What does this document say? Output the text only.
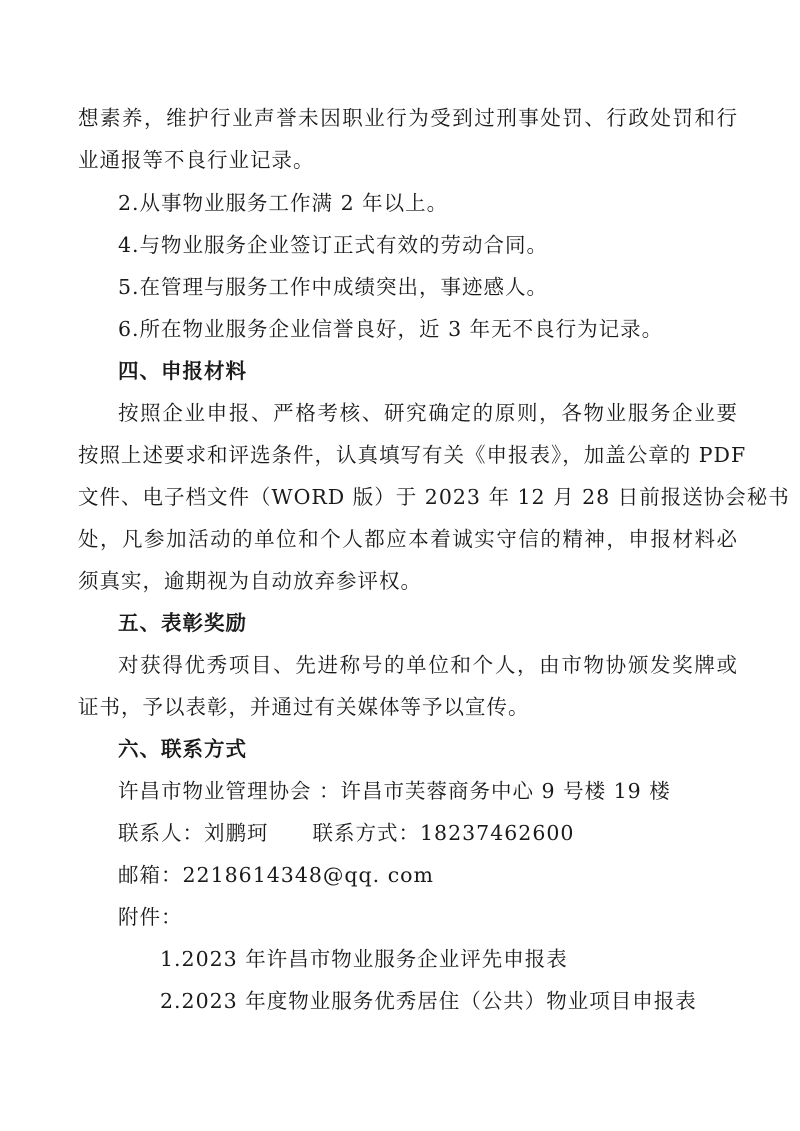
想素养，维护行业声誉未因职业行为受到过刑事处罚、行政处罚和行
业通报等不良行业记录。
2.从事物业服务工作满 2 年以上。
4.与物业服务企业签订正式有效的劳动合同。
5.在管理与服务工作中成绩突出，事迹感人。
6.所在物业服务企业信誉良好，近 3 年无不良行为记录。
四、申报材料
按照企业申报、严格考核、研究确定的原则，各物业服务企业要
按照上述要求和评选条件，认真填写有关《申报表》，加盖公章的 PDF
文件、电子档文件（WORD 版）于 2023 年 12 月 28 日前报送协会秘书
处，凡参加活动的单位和个人都应本着诚实守信的精神，申报材料必
须真实，逾期视为自动放弃参评权。
五、表彰奖励
对获得优秀项目、先进称号的单位和个人，由市物协颁发奖牌或
证书，予以表彰，并通过有关媒体等予以宣传。
六、联系方式
许昌市物业管理协会 ：许昌市芙蓉商务中心 9 号楼 19 楼
联系人：刘鹏珂 联系方式：18237462600
邮箱：2218614348@qq. com
附件：
1.2023 年许昌市物业服务企业评先申报表
2.2023 年度物业服务优秀居住（公共）物业项目申报表
